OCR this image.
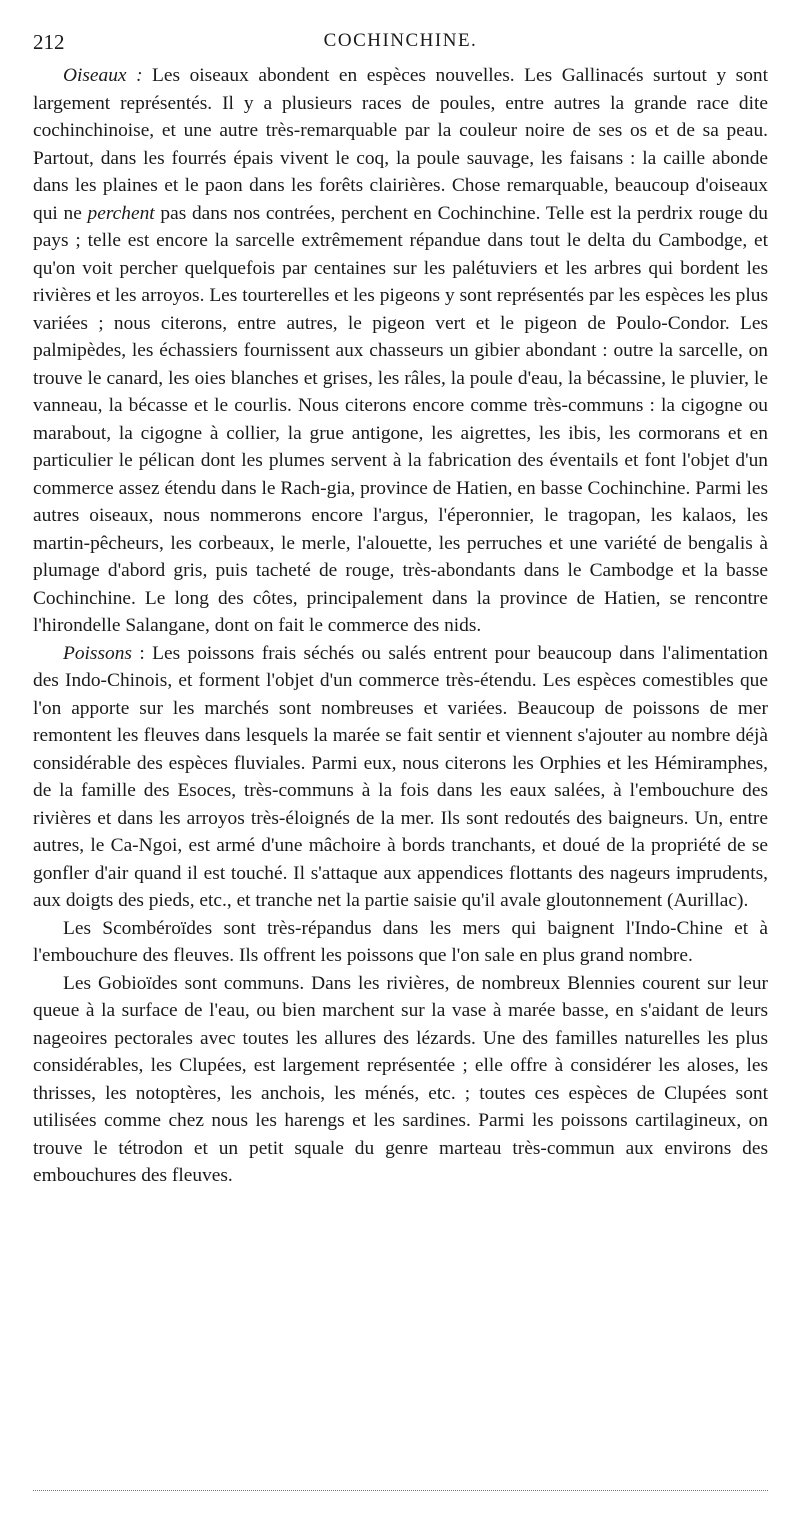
212	COCHINCHINE.

Oiseaux : Les oiseaux abondent en espèces nouvelles. Les Gallinacés surtout y sont largement représentés. Il y a plusieurs races de poules, entre autres la grande race dite cochinchinoise, et une autre très-remarquable par la couleur noire de ses os et de sa peau. Partout, dans les fourrés épais vivent le coq, la poule sauvage, les faisans : la caille abonde dans les plaines et le paon dans les forêts clairières. Chose remarquable, beaucoup d'oiseaux qui ne perchent pas dans nos contrées, perchent en Cochinchine. Telle est la perdrix rouge du pays ; telle est encore la sarcelle extrêmement répandue dans tout le delta du Cambodge, et qu'on voit percher quelquefois par centaines sur les palétuviers et les arbres qui bordent les rivières et les arroyos. Les tourterelles et les pigeons y sont représentés par les espèces les plus variées ; nous citerons, entre autres, le pigeon vert et le pigeon de Poulo-Condor. Les palmipèdes, les échassiers fournissent aux chasseurs un gibier abondant : outre la sarcelle, on trouve le canard, les oies blanches et grises, les râles, la poule d'eau, la bécassine, le pluvier, le vanneau, la bécasse et le courlis. Nous citerons encore comme très-communs : la cigogne ou marabout, la cigogne à collier, la grue antigone, les aigrettes, les ibis, les cormorans et en particulier le pélican dont les plumes servent à la fabrication des éventails et font l'objet d'un commerce assez étendu dans le Rach-gia, province de Hatien, en basse Cochinchine. Parmi les autres oiseaux, nous nommerons encore l'argus, l'éperonnier, le tragopan, les kalaos, les martin-pêcheurs, les corbeaux, le merle, l'alouette, les perruches et une variété de bengalis à plumage d'abord gris, puis tacheté de rouge, très-abondants dans le Cambodge et la basse Cochinchine. Le long des côtes, principalement dans la province de Hatien, se rencontre l'hirondelle Salangane, dont on fait le commerce des nids.

Poissons : Les poissons frais séchés ou salés entrent pour beaucoup dans l'alimentation des Indo-Chinois, et forment l'objet d'un commerce très-étendu. Les espèces comestibles que l'on apporte sur les marchés sont nombreuses et variées. Beaucoup de poissons de mer remontent les fleuves dans lesquels la marée se fait sentir et viennent s'ajouter au nombre déjà considérable des espèces fluviales. Parmi eux, nous citerons les Orphies et les Hémiramphes, de la famille des Esoces, très-communs à la fois dans les eaux salées, à l'embouchure des rivières et dans les arroyos très-éloignés de la mer. Ils sont redoutés des baigneurs. Un, entre autres, le Ca-Ngoi, est armé d'une mâchoire à bords tranchants, et doué de la propriété de se gonfler d'air quand il est touché. Il s'attaque aux appendices flottants des nageurs imprudents, aux doigts des pieds, etc., et tranche net la partie saisie qu'il avale gloutonnement (Aurillac).

Les Scombéroïdes sont très-répandus dans les mers qui baignent l'Indo-Chine et à l'embouchure des fleuves. Ils offrent les poissons que l'on sale en plus grand nombre.

Les Gobioïdes sont communs. Dans les rivières, de nombreux Blennies courent sur leur queue à la surface de l'eau, ou bien marchent sur la vase à marée basse, en s'aidant de leurs nageoires pectorales avec toutes les allures des lézards. Une des familles naturelles les plus considérables, les Clupées, est largement représentée ; elle offre à considérer les aloses, les thrisses, les notoptères, les anchois, les ménés, etc. ; toutes ces espèces de Clupées sont utilisées comme chez nous les harengs et les sardines. Parmi les poissons cartilagineux, on trouve le tétrodon et un petit squale du genre marteau très-commun aux environs des embouchures des fleuves.
